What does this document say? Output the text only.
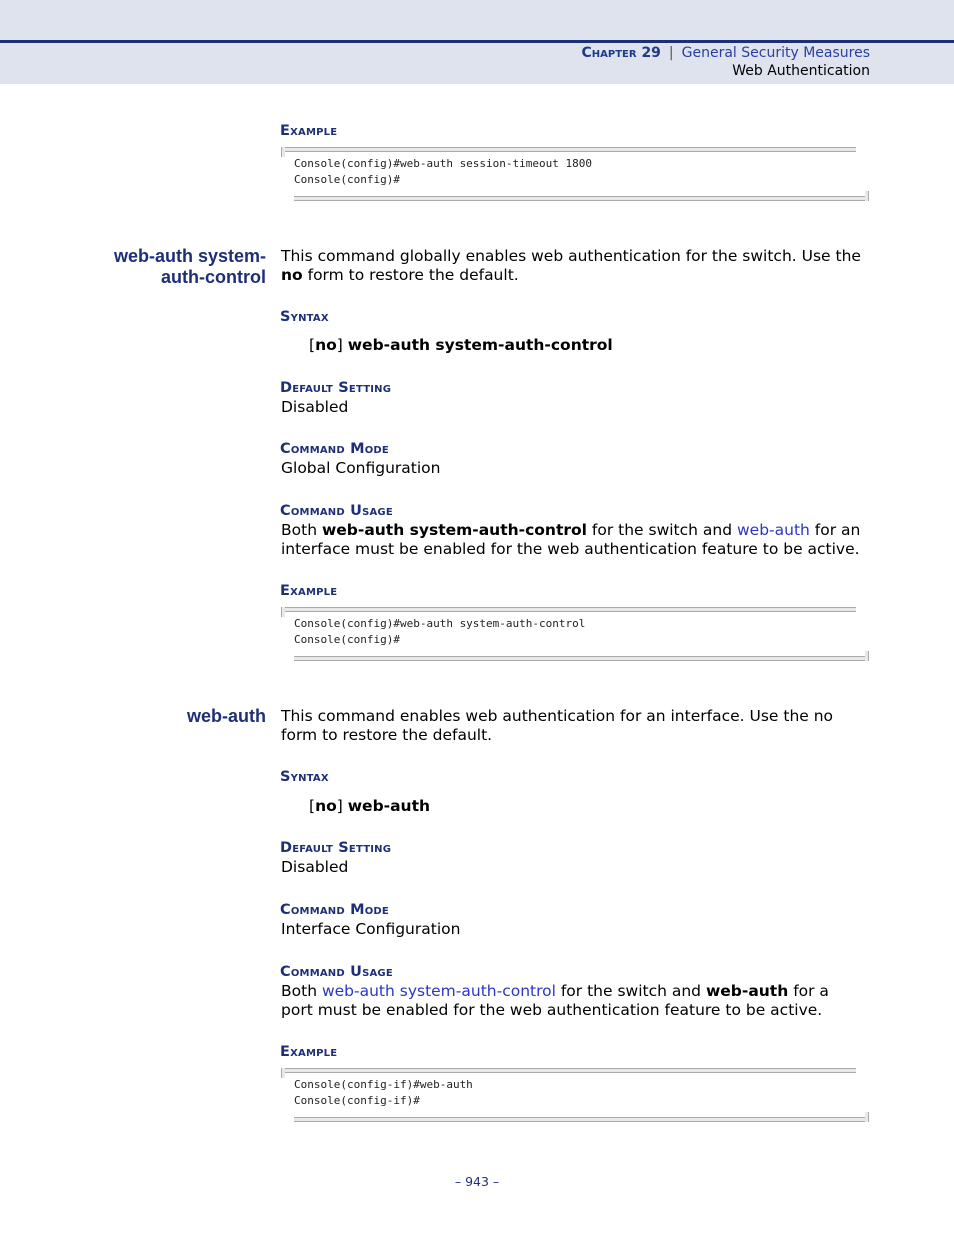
Chapter 29 | General Security Measures
Web Authentication
Example
Console(config)#web-auth session-timeout 1800
Console(config)#
web-auth system-
auth-control
This command globally enables web authentication for the switch. Use the
no form to restore the default.
Syntax
[no] web-auth system-auth-control
Default Setting
Disabled
Command Mode
Global Configuration
Command Usage
Both web-auth system-auth-control for the switch and web-auth for an interface must be enabled for the web authentication feature to be active.
Example
Console(config)#web-auth system-auth-control
Console(config)#
web-auth This command enables web authentication for an interface. Use the no form to restore the default.
Syntax
[no] web-auth
Default Setting
Disabled
Command Mode
Interface Configuration
Command Usage
Both web-auth system-auth-control for the switch and web-auth for a port must be enabled for the web authentication feature to be active.
Example
Console(config-if)#web-auth
Console(config-if)#
– 943 –
